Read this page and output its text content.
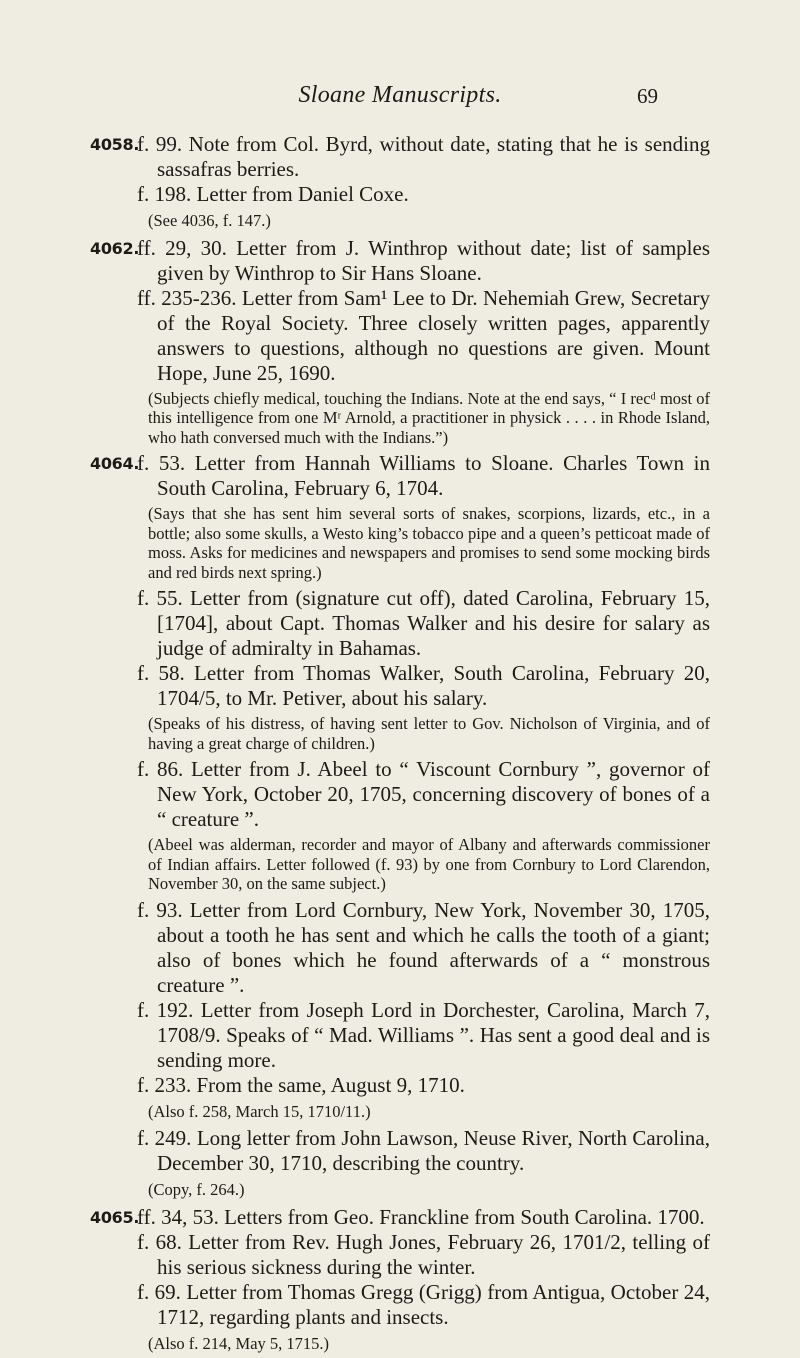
Sloane Manuscripts.	69
4058.
f. 99. Note from Col. Byrd, without date, stating that he is sending sassafras berries.
f. 198. Letter from Daniel Coxe.
(See 4036, f. 147.)
4062.
ff. 29, 30. Letter from J. Winthrop without date; list of samples given by Winthrop to Sir Hans Sloane.
ff. 235-236. Letter from Sam¹ Lee to Dr. Nehemiah Grew, Secretary of the Royal Society. Three closely written pages, apparently answers to questions, although no questions are given. Mount Hope, June 25, 1690.
(Subjects chiefly medical, touching the Indians. Note at the end says, “ I recᵈ most of this intelligence from one Mʳ Arnold, a practitioner in physick . . . . in Rhode Island, who hath conversed much with the Indians.”)
4064.
f. 53. Letter from Hannah Williams to Sloane. Charles Town in South Carolina, February 6, 1704.
(Says that she has sent him several sorts of snakes, scorpions, lizards, etc., in a bottle; also some skulls, a Westo king’s tobacco pipe and a queen’s petticoat made of moss. Asks for medicines and newspapers and promises to send some mocking birds and red birds next spring.)
f. 55. Letter from (signature cut off), dated Carolina, February 15, [1704], about Capt. Thomas Walker and his desire for salary as judge of admiralty in Bahamas.
f. 58. Letter from Thomas Walker, South Carolina, February 20, 1704/5, to Mr. Petiver, about his salary.
(Speaks of his distress, of having sent letter to Gov. Nicholson of Virginia, and of having a great charge of children.)
f. 86. Letter from J. Abeel to “ Viscount Cornbury ”, governor of New York, October 20, 1705, concerning discovery of bones of a “ creature ”.
(Abeel was alderman, recorder and mayor of Albany and afterwards commissioner of Indian affairs. Letter followed (f. 93) by one from Cornbury to Lord Clarendon, November 30, on the same subject.)
f. 93. Letter from Lord Cornbury, New York, November 30, 1705, about a tooth he has sent and which he calls the tooth of a giant; also of bones which he found afterwards of a “ monstrous creature ”.
f. 192. Letter from Joseph Lord in Dorchester, Carolina, March 7, 1708/9. Speaks of “ Mad. Williams ”. Has sent a good deal and is sending more.
f. 233. From the same, August 9, 1710.
(Also f. 258, March 15, 1710/11.)
f. 249. Long letter from John Lawson, Neuse River, North Carolina, December 30, 1710, describing the country.
(Copy, f. 264.)
4065.
ff. 34, 53. Letters from Geo. Franckline from South Carolina. 1700.
f. 68. Letter from Rev. Hugh Jones, February 26, 1701/2, telling of his serious sickness during the winter.
f. 69. Letter from Thomas Gregg (Grigg) from Antigua, October 24, 1712, regarding plants and insects.
(Also f. 214, May 5, 1715.)
